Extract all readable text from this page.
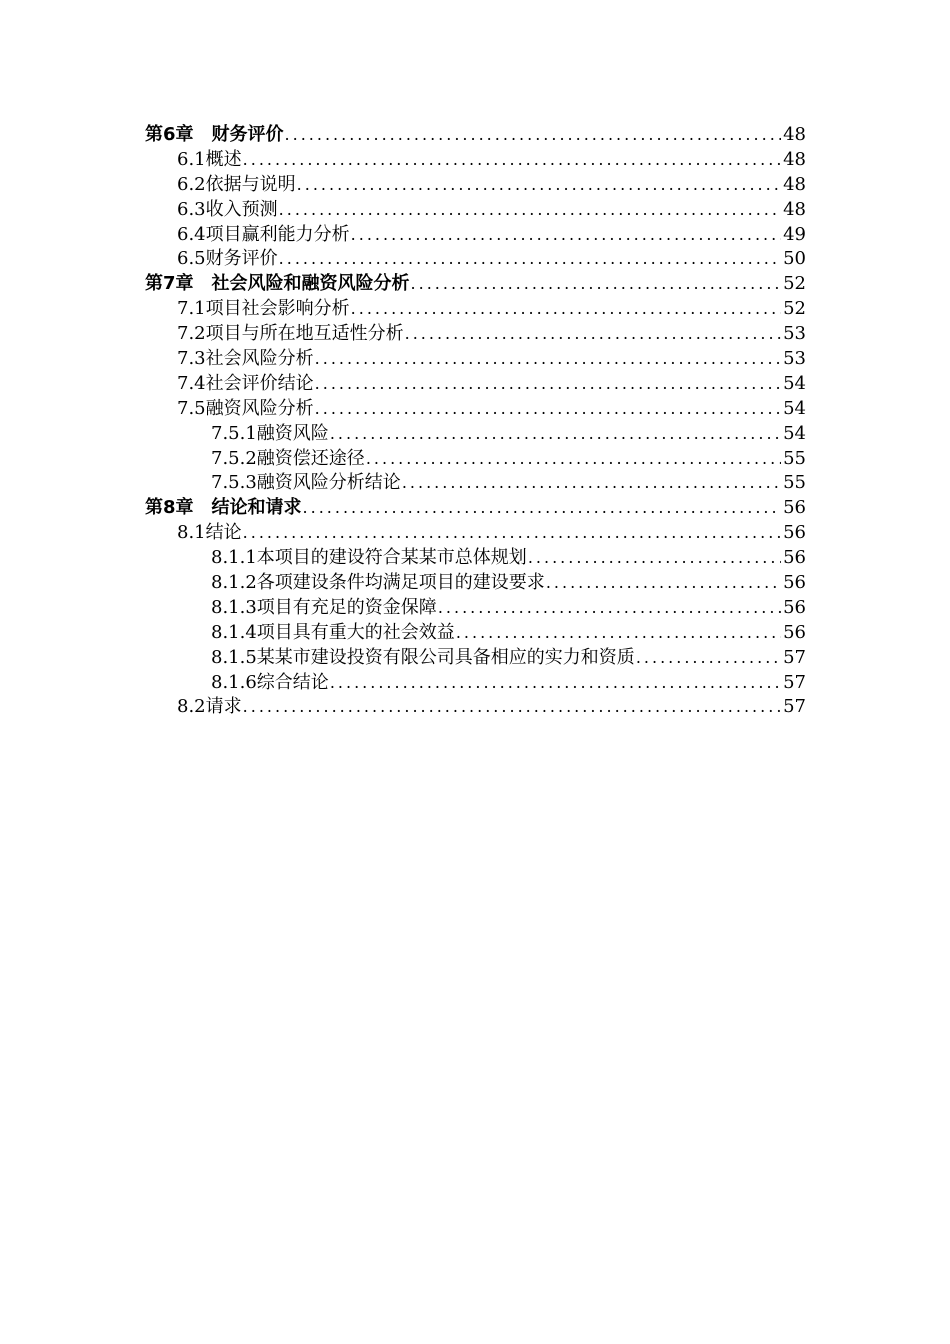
第6章　财务评价 .....	48
6.1概述 .....	48
6.2依据与说明 .....	48
6.3收入预测 .....	48
6.4项目赢利能力分析 .....	49
6.5财务评价 .....	50
第7章　社会风险和融资风险分析 .....	52
7.1项目社会影响分析 .....	52
7.2项目与所在地互适性分析 .....	53
7.3社会风险分析 .....	53
7.4社会评价结论 .....	54
7.5融资风险分析 .....	54
7.5.1融资风险 .....	54
7.5.2融资偿还途径 .....	55
7.5.3融资风险分析结论 .....	55
第8章　结论和请求 .....	56
8.1结论 .....	56
8.1.1本项目的建设符合某某市总体规划 .....	56
8.1.2各项建设条件均满足项目的建设要求 .....	56
8.1.3项目有充足的资金保障 .....	56
8.1.4项目具有重大的社会效益 .....	56
8.1.5某某市建设投资有限公司具备相应的实力和资质 .....	57
8.1.6综合结论 .....	57
8.2请求 .....	57
